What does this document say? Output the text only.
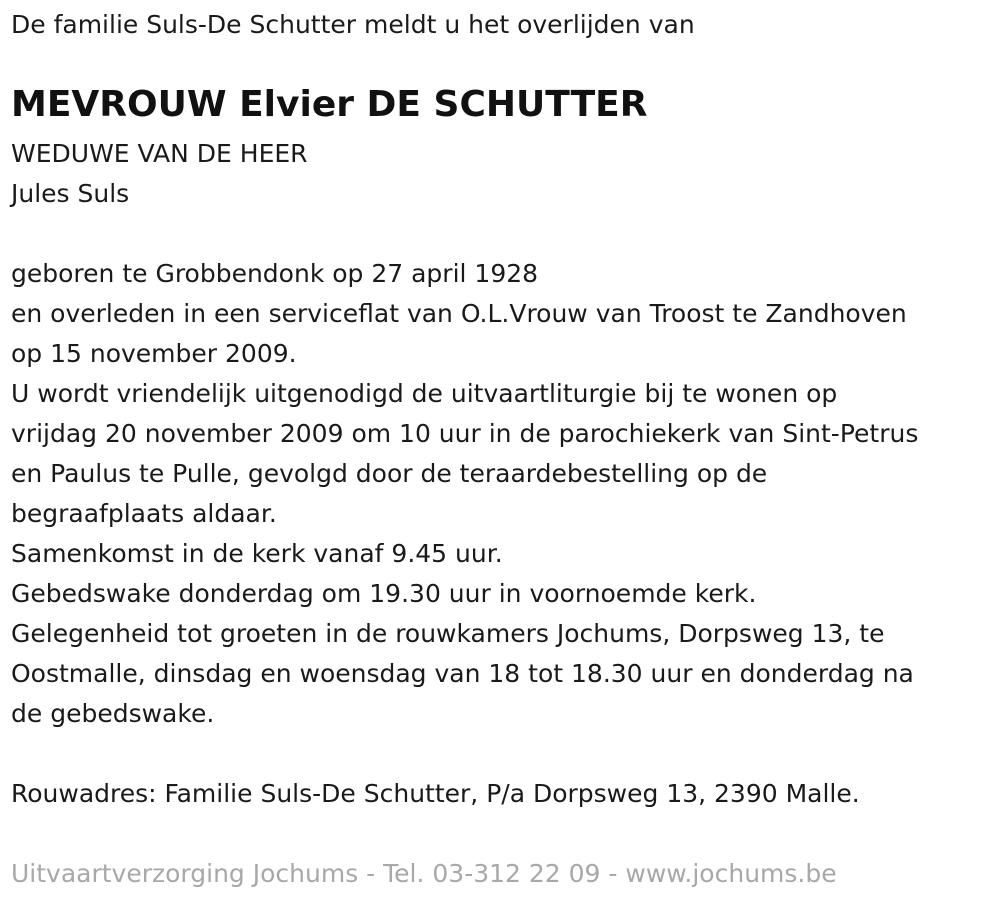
De familie Suls-De Schutter meldt u het overlijden van
MEVROUW Elvier DE SCHUTTER

WEDUWE VAN DE HEER

Jules Suls

geboren te Grobbendonk op 27 april 1928

en overleden in een serviceflat van O.L.Vrouw van Troost te Zandhoven

op 15 november 2009.

U wordt vriendelijk uitgenodigd de uitvaartliturgie bij te wonen op

vrijdag 20 november 2009 om 10 uur in de parochiekerk van Sint-Petrus

en Paulus te Pulle, gevolgd door de teraardebestelling op de

begraafplaats aldaar.

Samenkomst in de kerk vanaf 9.45 uur.

Gebedswake donderdag om 19.30 uur in voornoemde kerk.

Gelegenheid tot groeten in de rouwkamers Jochums, Dorpsweg 13, te

Oostmalle, dinsdag en woensdag van 18 tot 18.30 uur en donderdag na

de gebedswake.

Rouwadres: Familie Suls-De Schutter, P/a Dorpsweg 13, 2390 Malle.
Uitvaartverzorging Jochums - Tel. 03-312 22 09 - www.jochums.be
